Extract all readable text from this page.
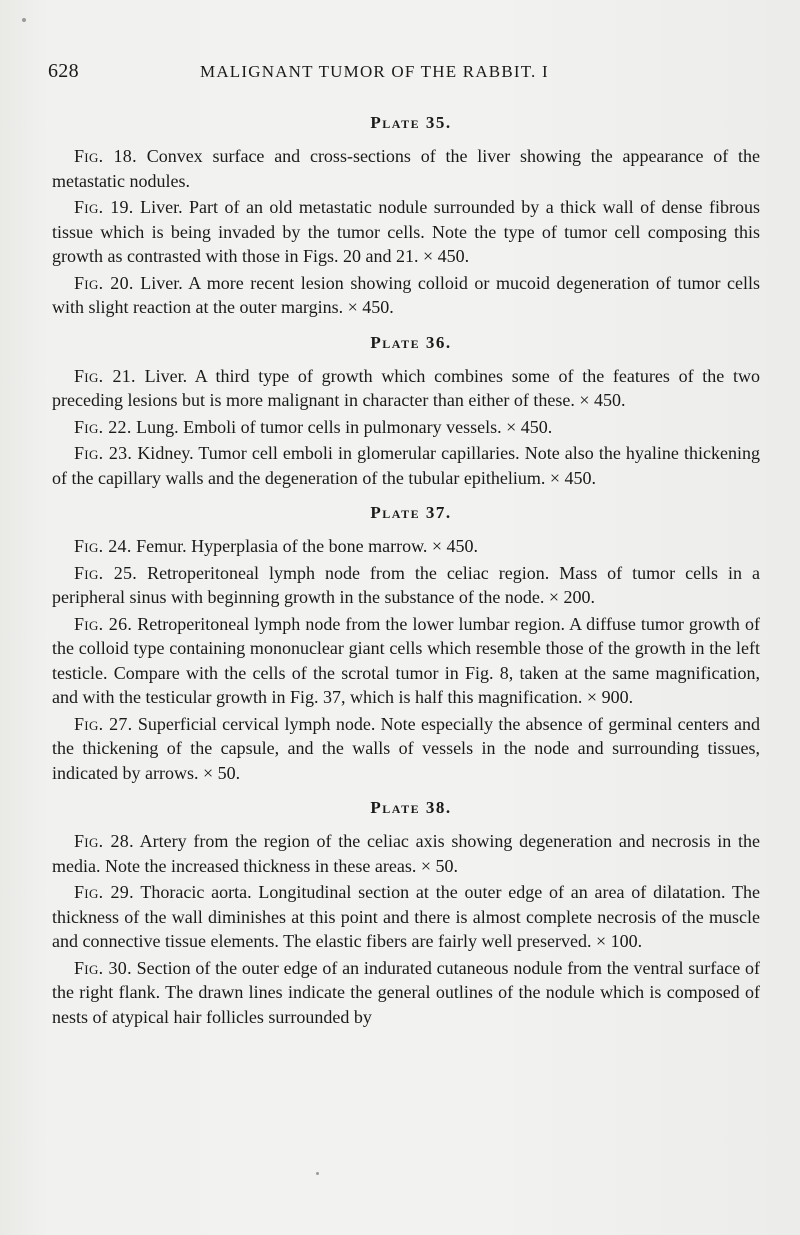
628	MALIGNANT TUMOR OF THE RABBIT. I
Plate 35.

Fig. 18. Convex surface and cross-sections of the liver showing the appearance of the metastatic nodules.

Fig. 19. Liver. Part of an old metastatic nodule surrounded by a thick wall of dense fibrous tissue which is being invaded by the tumor cells. Note the type of tumor cell composing this growth as contrasted with those in Figs. 20 and 21. × 450.

Fig. 20. Liver. A more recent lesion showing colloid or mucoid degeneration of tumor cells with slight reaction at the outer margins. × 450.

Plate 36.

Fig. 21. Liver. A third type of growth which combines some of the features of the two preceding lesions but is more malignant in character than either of these. × 450.

Fig. 22. Lung. Emboli of tumor cells in pulmonary vessels. × 450.

Fig. 23. Kidney. Tumor cell emboli in glomerular capillaries. Note also the hyaline thickening of the capillary walls and the degeneration of the tubular epithelium. × 450.

Plate 37.

Fig. 24. Femur. Hyperplasia of the bone marrow. × 450.

Fig. 25. Retroperitoneal lymph node from the celiac region. Mass of tumor cells in a peripheral sinus with beginning growth in the substance of the node. × 200.

Fig. 26. Retroperitoneal lymph node from the lower lumbar region. A diffuse tumor growth of the colloid type containing mononuclear giant cells which resemble those of the growth in the left testicle. Compare with the cells of the scrotal tumor in Fig. 8, taken at the same magnification, and with the testicular growth in Fig. 37, which is half this magnification. × 900.

Fig. 27. Superficial cervical lymph node. Note especially the absence of germinal centers and the thickening of the capsule, and the walls of vessels in the node and surrounding tissues, indicated by arrows. × 50.

Plate 38.

Fig. 28. Artery from the region of the celiac axis showing degeneration and necrosis in the media. Note the increased thickness in these areas. × 50.

Fig. 29. Thoracic aorta. Longitudinal section at the outer edge of an area of dilatation. The thickness of the wall diminishes at this point and there is almost complete necrosis of the muscle and connective tissue elements. The elastic fibers are fairly well preserved. × 100.

Fig. 30. Section of the outer edge of an indurated cutaneous nodule from the ventral surface of the right flank. The drawn lines indicate the general outlines of the nodule which is composed of nests of atypical hair follicles surrounded by
